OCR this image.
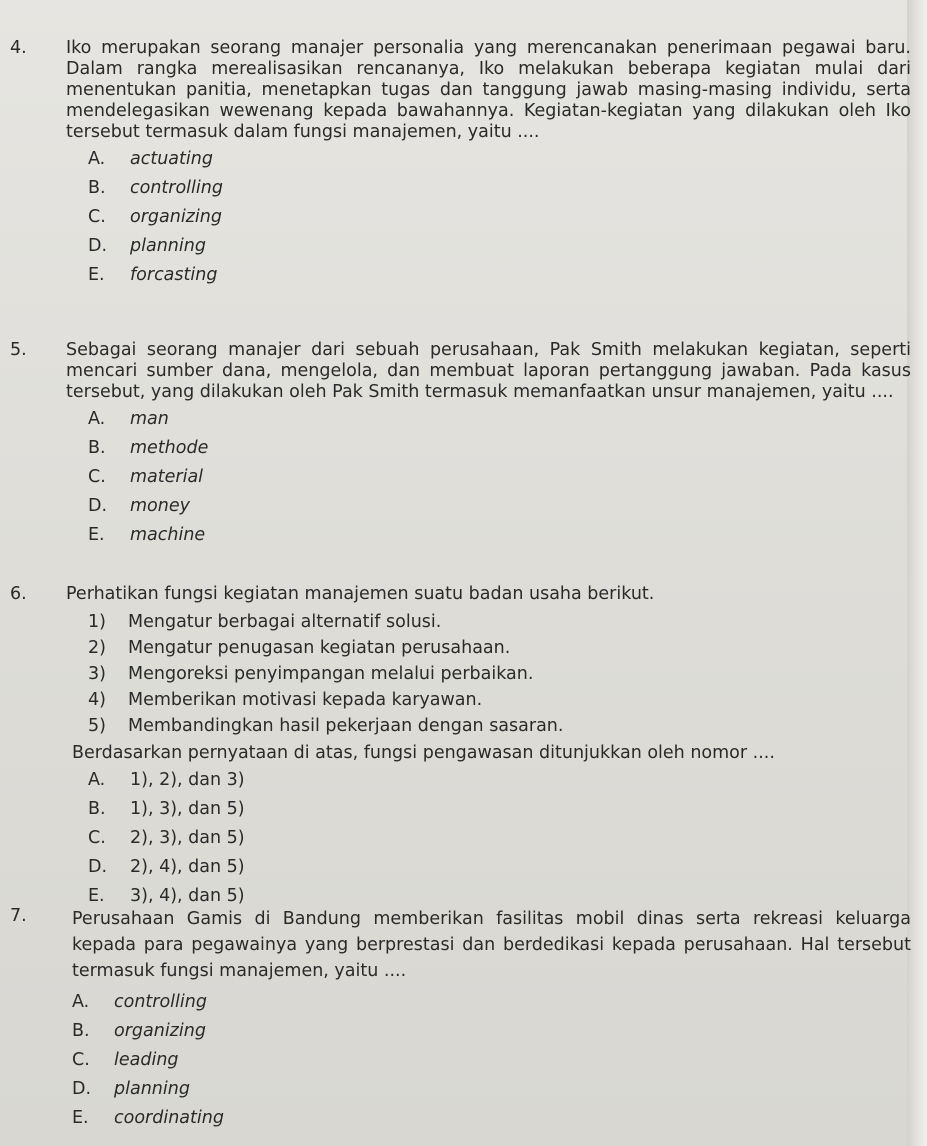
4.	Iko merupakan seorang manajer personalia yang merencanakan penerimaan pegawai baru. Dalam rangka merealisasikan rencananya, Iko melakukan beberapa kegiatan mulai dari menentukan panitia, menetapkan tugas dan tanggung jawab masing-masing individu, serta mendelegasikan wewenang kepada bawahannya. Kegiatan-kegiatan yang dilakukan oleh Iko tersebut termasuk dalam fungsi manajemen, yaitu ....
A.	actuating
B.	controlling
C.	organizing
D.	planning
E.	forcasting
5.	Sebagai seorang manajer dari sebuah perusahaan, Pak Smith melakukan kegiatan, seperti mencari sumber dana, mengelola, dan membuat laporan pertanggung jawaban. Pada kasus tersebut, yang dilakukan oleh Pak Smith termasuk memanfaatkan unsur manajemen, yaitu ....
A.	man
B.	methode
C.	material
D.	money
E.	machine
6.	Perhatikan fungsi kegiatan manajemen suatu badan usaha berikut.
1)	Mengatur berbagai alternatif solusi.
2)	Mengatur penugasan kegiatan perusahaan.
3)	Mengoreksi penyimpangan melalui perbaikan.
4)	Memberikan motivasi kepada karyawan.
5)	Membandingkan hasil pekerjaan dengan sasaran.
Berdasarkan pernyataan di atas, fungsi pengawasan ditunjukkan oleh nomor ....
A.	1), 2), dan 3)
B.	1), 3), dan 5)
C.	2), 3), dan 5)
D.	2), 4), dan 5)
E.	3), 4), dan 5)
7.	Perusahaan Gamis di Bandung memberikan fasilitas mobil dinas serta rekreasi keluarga kepada para pegawainya yang berprestasi dan berdedikasi kepada perusahaan. Hal tersebut termasuk fungsi manajemen, yaitu ....
A.	controlling
B.	organizing
C.	leading
D.	planning
E.	coordinating
